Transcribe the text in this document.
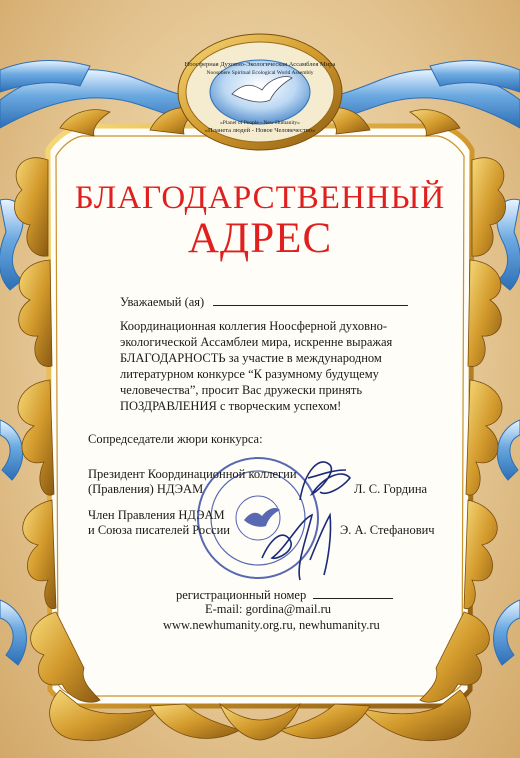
Ноосферная Духовно-Экологическая Ассамблея Мира
Noosphere Spiritual Ecological World Assembly
«Planet of People - New Humanity»
«Планета людей - Новое Человечество»
БЛАГОДАРСТВЕННЫЙ
АДРЕС
Уважаемый (ая)
Координационная коллегия Ноосферной духовно-
экологической Ассамблеи мира, искренне выражая
БЛАГОДАРНОСТЬ за участие в международном
литературном конкурсе “К разумному будущему
человечества”, просит Вас дружески принять
ПОЗДРАВЛЕНИЯ с творческим успехом!
Сопредседатели жюри конкурса:
Президент Координационной коллегии
(Правления) НДЭАМ	Л. С. Гордина
Член Правления НДЭАМ
и Союза писателей России	Э. А. Стефанович
регистрационный номер
E-mail: gordina@mail.ru
www.newhumanity.org.ru, newhumanity.ru
